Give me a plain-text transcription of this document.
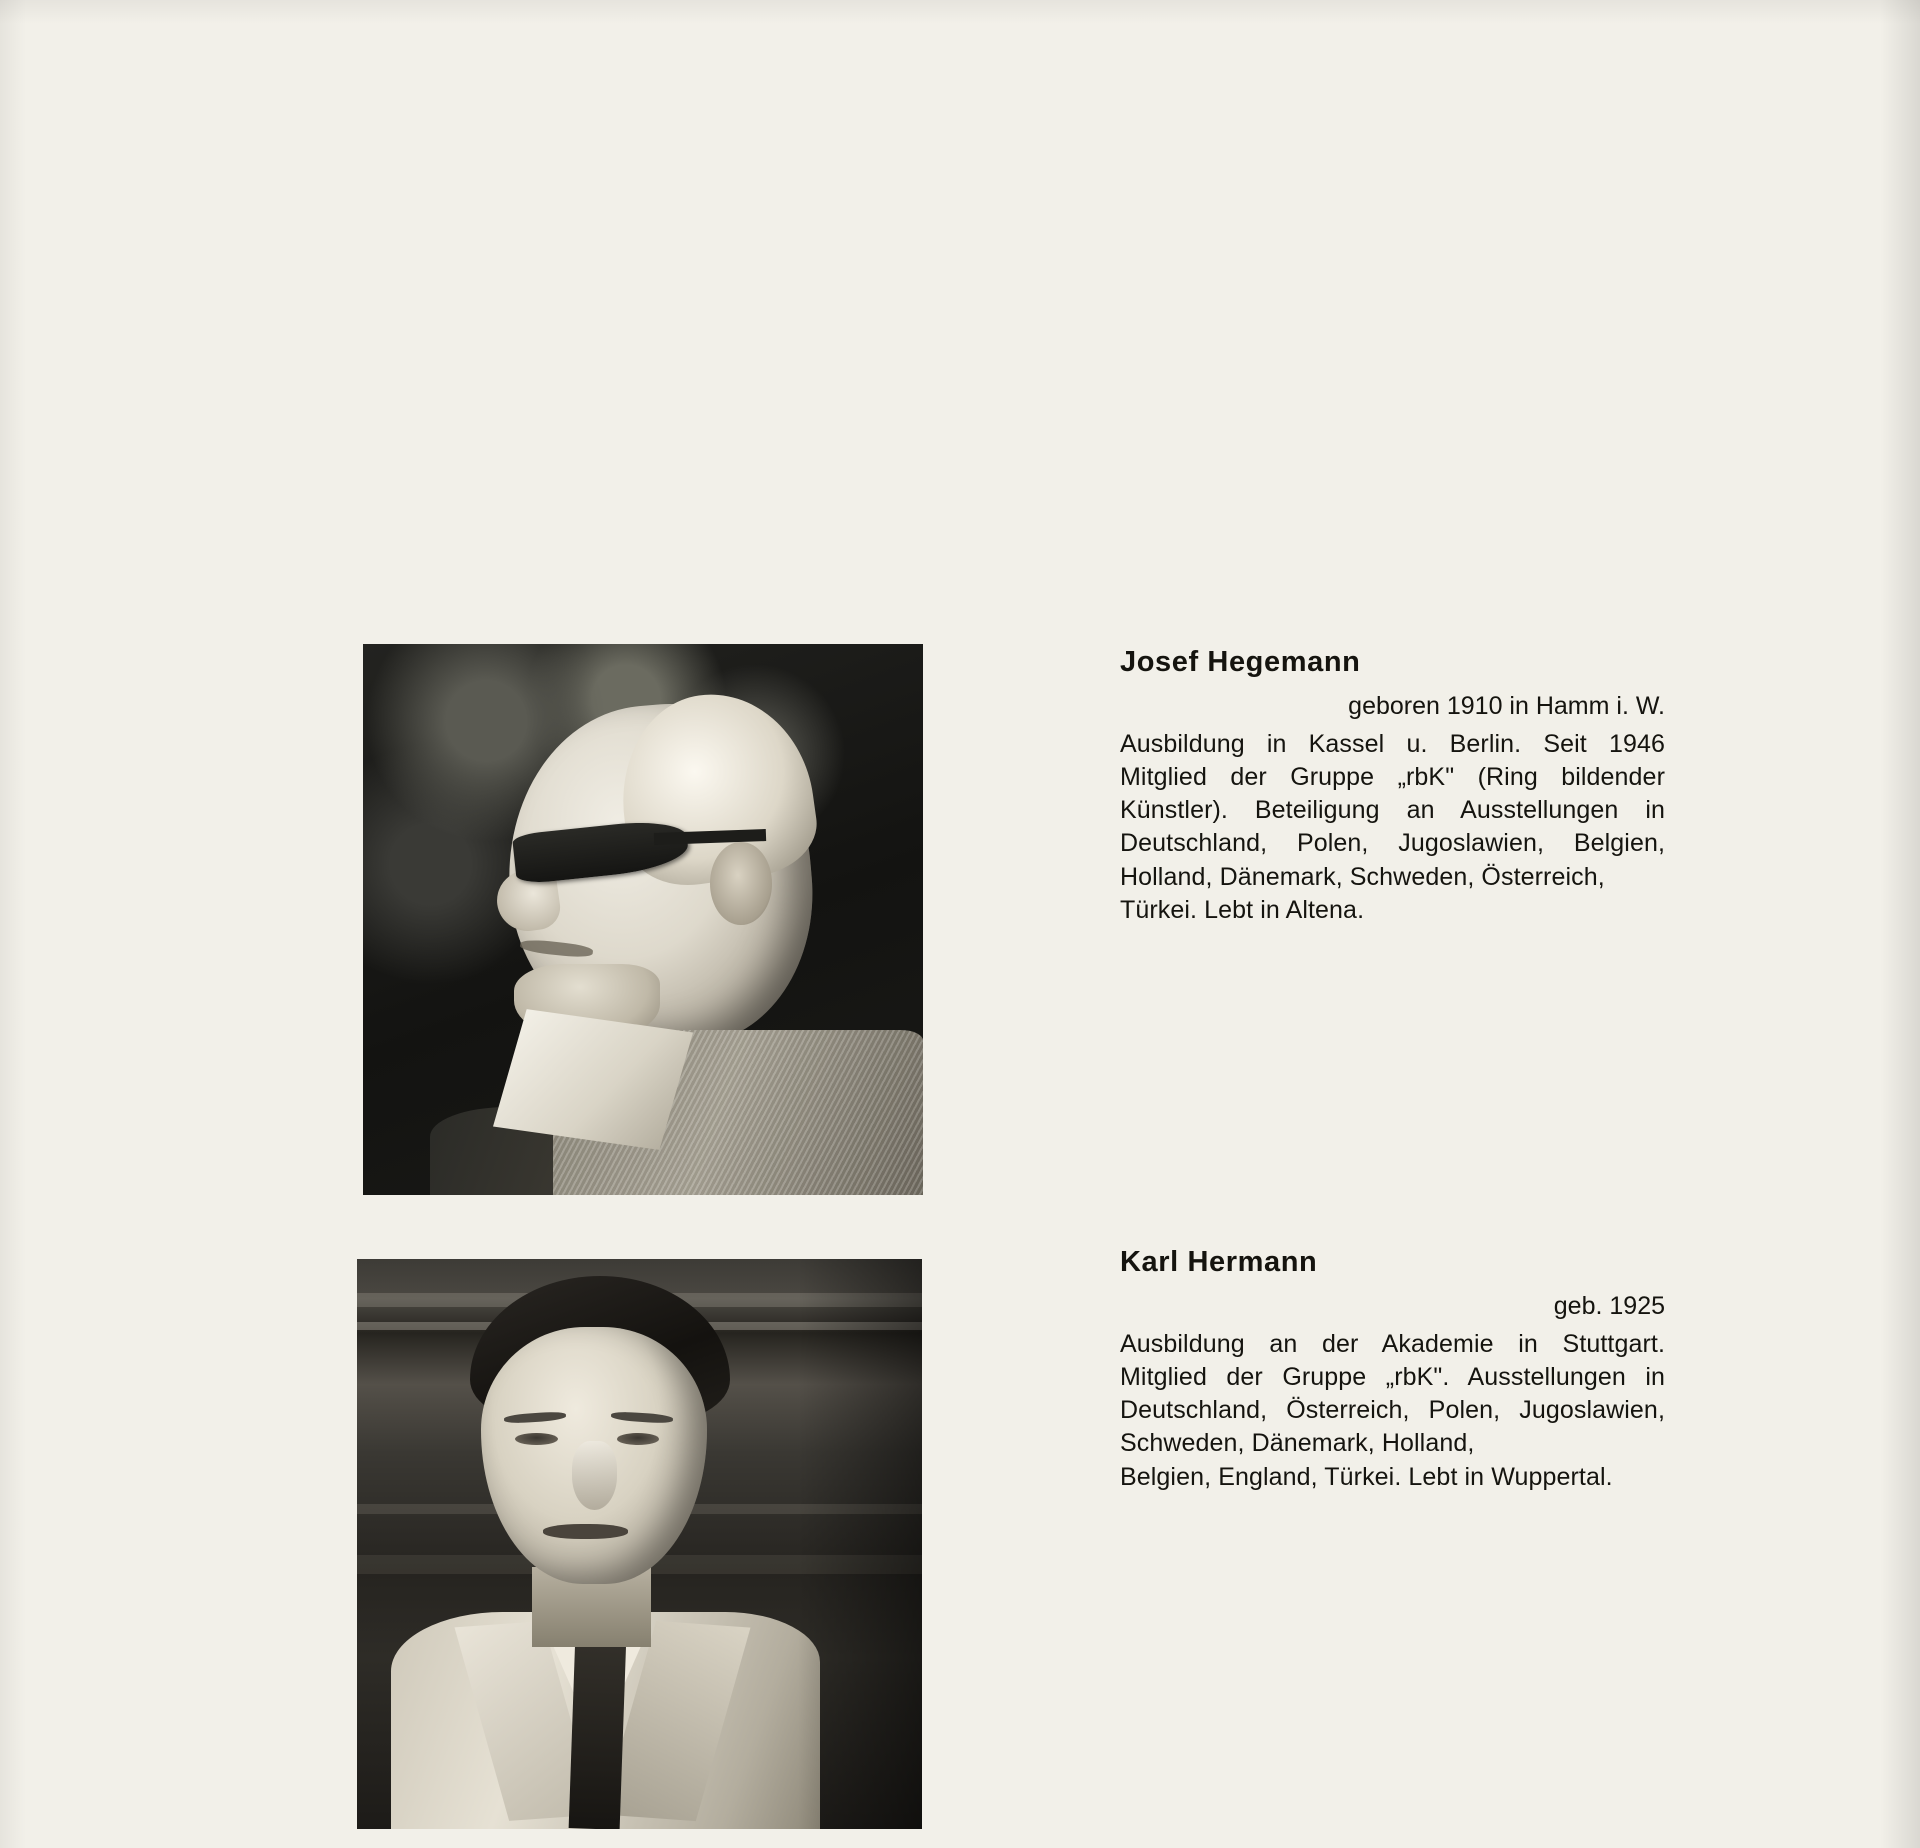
Josef Hegemann

geboren 1910 in Hamm i. W.

Ausbildung in Kassel u. Berlin. Seit 1946 Mitglied der Gruppe „rbK" (Ring bildender Künstler). Beteiligung an Ausstellungen in Deutschland, Polen, Jugoslawien, Belgien, Holland, Dänemark, Schweden, Österreich,

Türkei. Lebt in Altena.

Karl Hermann

geb. 1925

Ausbildung an der Akademie in Stuttgart. Mitglied der Gruppe „rbK". Ausstellungen in Deutschland, Österreich, Polen, Jugoslawien, Schweden, Dänemark, Holland,

Belgien, England, Türkei. Lebt in Wuppertal.
